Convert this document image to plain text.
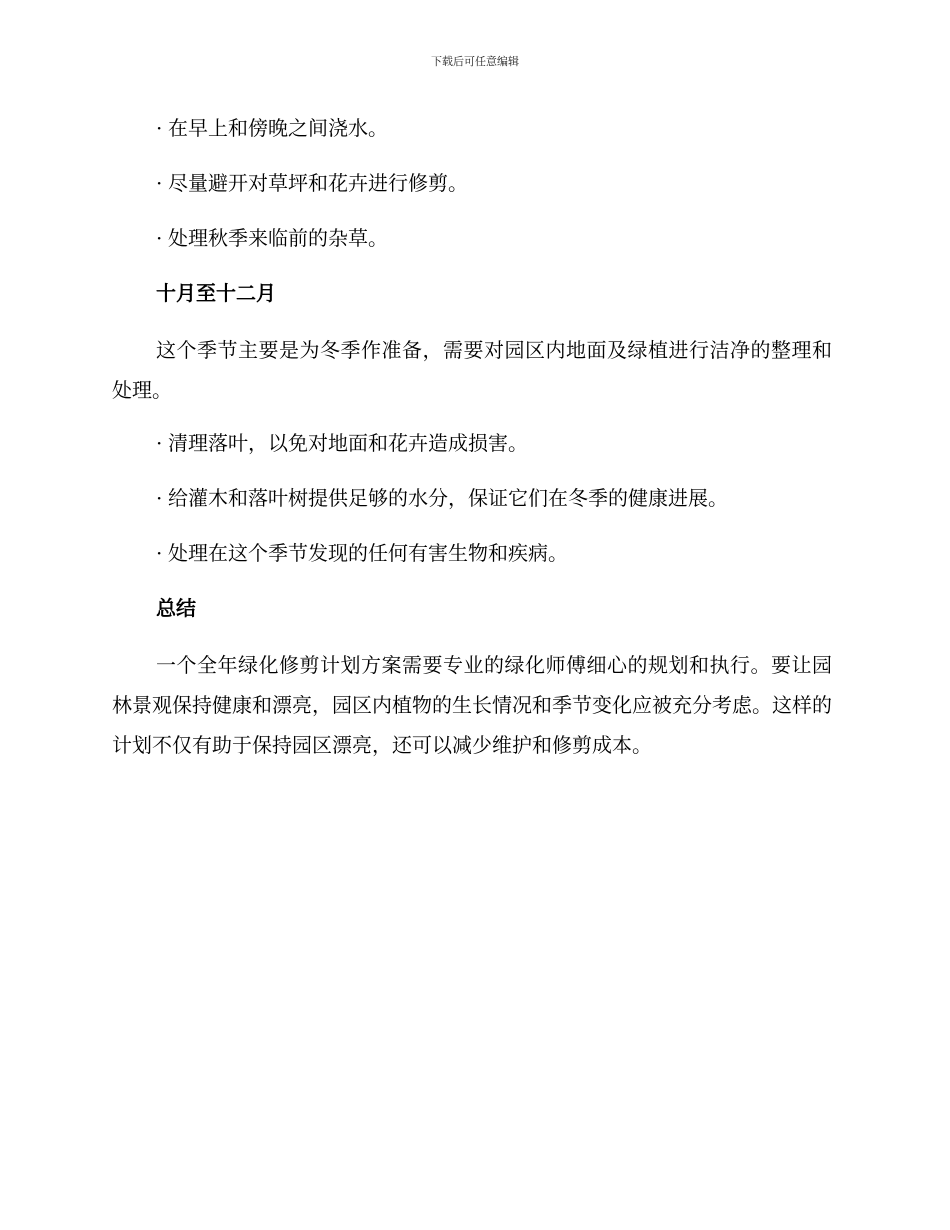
下载后可任意编辑

· 在早上和傍晚之间浇水。

· 尽量避开对草坪和花卉进行修剪。

· 处理秋季来临前的杂草。

十月至十二月

这个季节主要是为冬季作准备，需要对园区内地面及绿植进行洁净的整理和处理。

· 清理落叶，以免对地面和花卉造成损害。

· 给灌木和落叶树提供足够的水分，保证它们在冬季的健康进展。

· 处理在这个季节发现的任何有害生物和疾病。

总结

一个全年绿化修剪计划方案需要专业的绿化师傅细心的规划和执行。要让园林景观保持健康和漂亮，园区内植物的生长情况和季节变化应被充分考虑。这样的计划不仅有助于保持园区漂亮，还可以减少维护和修剪成本。
